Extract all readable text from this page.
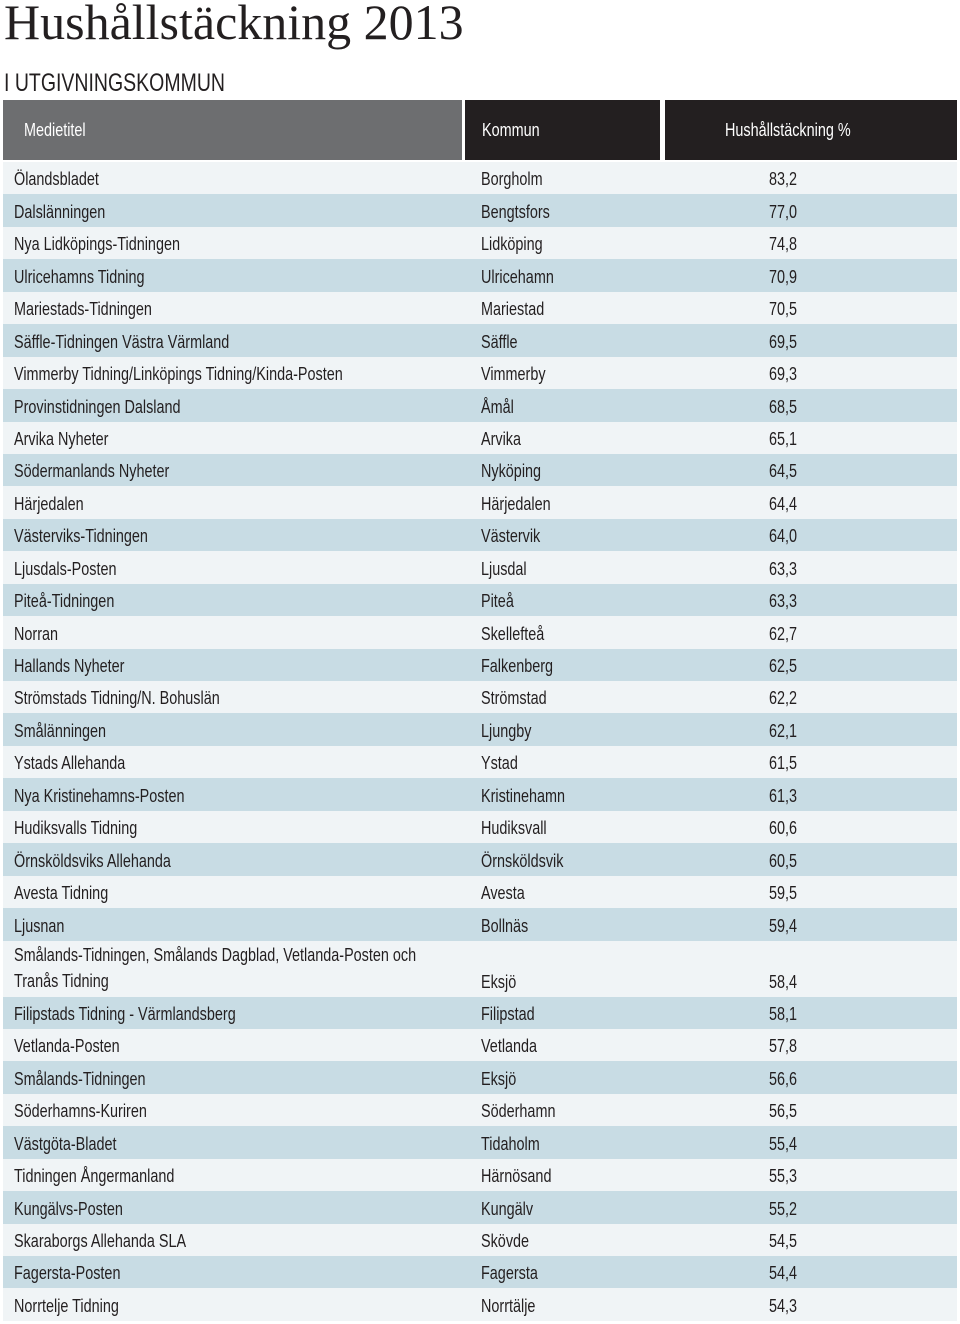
Hushållstäckning 2013
I UTGIVNINGSKOMMUN
Medietitel	Kommun	Hushållstäckning %
Ölandsbladet	Borgholm	83,2
Dalslänningen	Bengtsfors	77,0
Nya Lidköpings-Tidningen	Lidköping	74,8
Ulricehamns Tidning	Ulricehamn	70,9
Mariestads-Tidningen	Mariestad	70,5
Säffle-Tidningen Västra Värmland	Säffle	69,5
Vimmerby Tidning/Linköpings Tidning/Kinda-Posten	Vimmerby	69,3
Provinstidningen Dalsland	Åmål	68,5
Arvika Nyheter	Arvika	65,1
Södermanlands Nyheter	Nyköping	64,5
Härjedalen	Härjedalen	64,4
Västerviks-Tidningen	Västervik	64,0
Ljusdals-Posten	Ljusdal	63,3
Piteå-Tidningen	Piteå	63,3
Norran	Skellefteå	62,7
Hallands Nyheter	Falkenberg	62,5
Strömstads Tidning/N. Bohuslän	Strömstad	62,2
Smålänningen	Ljungby	62,1
Ystads Allehanda	Ystad	61,5
Nya Kristinehamns-Posten	Kristinehamn	61,3
Hudiksvalls Tidning	Hudiksvall	60,6
Örnsköldsviks Allehanda	Örnsköldsvik	60,5
Avesta Tidning	Avesta	59,5
Ljusnan	Bollnäs	59,4
Smålands-Tidningen, Smålands Dagblad, Vetlanda-Posten och Tranås Tidning	Eksjö	58,4
Filipstads Tidning - Värmlandsberg	Filipstad	58,1
Vetlanda-Posten	Vetlanda	57,8
Smålands-Tidningen	Eksjö	56,6
Söderhamns-Kuriren	Söderhamn	56,5
Västgöta-Bladet	Tidaholm	55,4
Tidningen Ångermanland	Härnösand	55,3
Kungälvs-Posten	Kungälv	55,2
Skaraborgs Allehanda SLA	Skövde	54,5
Fagersta-Posten	Fagersta	54,4
Norrtelje Tidning	Norrtälje	54,3
